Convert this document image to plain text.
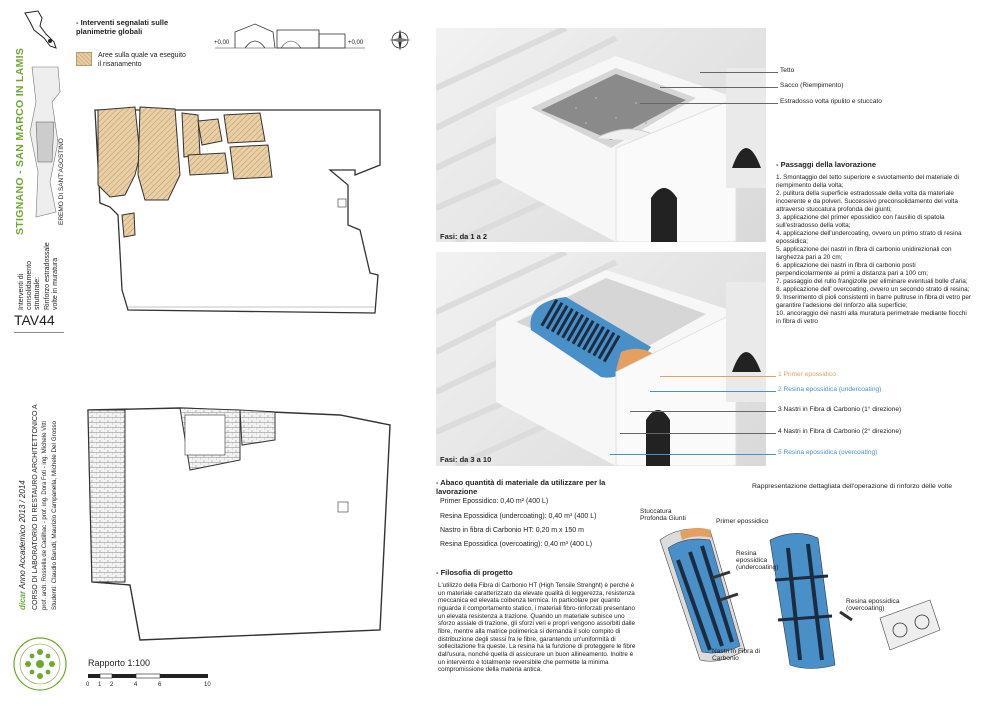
STIGNANO - SAN MARCO IN LAMIS	EREMO DI SANT'AGOSTINO
Interventi di consolidamento strutturale: Rinforzo estradossale volte in muratura
TAV44
dicar Anno Accademico 2013 / 2014 CORSO DI LABORATORIO DI RESTAURO ARCHITETTONICO A prof. arch. Rossella de Cadilhac - prof. ing. Dora Foti - ing. Michele Vitti Studenti: Claudio Barudi, Maurizio Campanella, Michele Del Grosso
- Interventi segnalati sulle planimetrie globali
Aree sulla quale va eseguito il risanamento
+0,00	+0,00
Rapporto 1:100
0 1 2	4	6	10
Fasi: da 1 a 2
Tetto
Sacco (Riempimento)
Estradosso volta ripulito e stuccato
- Passaggi della lavorazione
1. Smontaggio del tetto superiore e svuotamento del materiale di riempimento della volta;
2. pulitura della superficie estradossale della volta da materiale incoerente e da polveri. Successivo preconsolidamento del volta attraverso stuccatura profonda dei giunti;
3. applicazione del primer epossidico con l'ausilio di spatola sull'estradosso della volta;
4. applicazione dell'undercoating, ovvero un primo strato di resina epossidica;
5. applicazione dei nastri in fibra di carbonio unidirezionali con larghezza pari a 20 cm;
6. applicazione dei nastri in fibra di carbonio posti perpendicolarmente ai primi a distanza pari a 100 cm;
7. passaggio del rullo frangizolle per eliminare eventuali bolle d'aria;
8. applicazione dell' overcoating, ovvero un secondo strato di resina;
9. Inserimento di pioli consistenti in barre pultruse in fibra di vetro per garantire l'adesione del rinforzo alla superficie;
10. ancoraggio dei nastri alla muratura perimetrale mediante fiocchi in fibra di vetro
Fasi: da 3 a 10
1 Primer epossidico
2 Resina epossidica (undercoating)
3 Nastri in Fibra di Carbonio (1° direzione)
4 Nastri in Fibra di Carbonio (2° direzione)
5 Resina epossidica (overcoating)
- Abaco quantità di materiale da utilizzare per la lavorazione
Primer Epossidico: 0,40 m² (400 L)
Resina Epossidica (undercoating): 0,40 m³ (400 L)
Nastro in fibra di Carbonio HT: 0,20 m x 150 m
Resina Epossidica (overcoating): 0,40 m³ (400 L)
- Filosofia di progetto
L'utilizzo della Fibra di Carbonio HT (High Tensile Strenght) è perché è un materiale caratterizzato da elevate qualità di leggerezza, resistenza meccanica ed elevata coibenza termica. In particolare per quanto riguarda il comportamento statico, i materiali fibro-rinforzati presentano un elevata resistenza a trazione. Quando un materiale subisce uno sforzo assiale di trazione, gli sforzi veri e propri vengono assorbiti dalle fibre, mentre alla matrice polimerica si demanda il solo compito di distribuzione degli stessi fra le fibre, garantendo un'uniformità di sollecitazione fra queste. La resina ha la funzione di proteggere le fibre dall'usura, nonché quella di assicurare un buon allineamento. Inoltre è un intervento è totalmente reversibile che permette la minima compromissione della materia antica.
Rappresentazione dettagliata dell'operazione di rinforzo delle volte
Stuccatura Profonda Giunti	Primer epossidico
Resina epossidica (undercoating)
Resina epossidica (overcoating)
Nastri in Fibra di Carbonio
